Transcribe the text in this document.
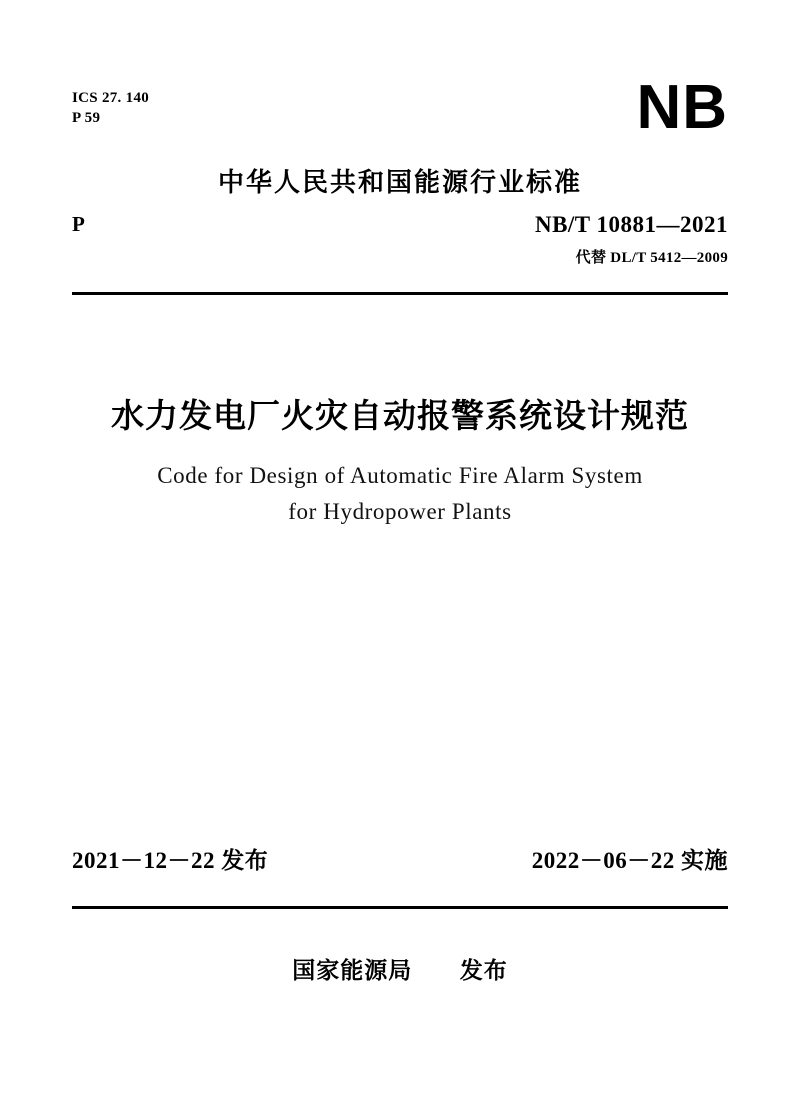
ICS 27. 140
P 59	NB
中华人民共和国能源行业标准
P	NB/T 10881—2021
代替 DL/T 5412—2009
水力发电厂火灾自动报警系统设计规范
Code for Design of Automatic Fire Alarm System
for Hydropower Plants
2021－12－22 发布	2022－06－22 实施
国家能源局 发布
